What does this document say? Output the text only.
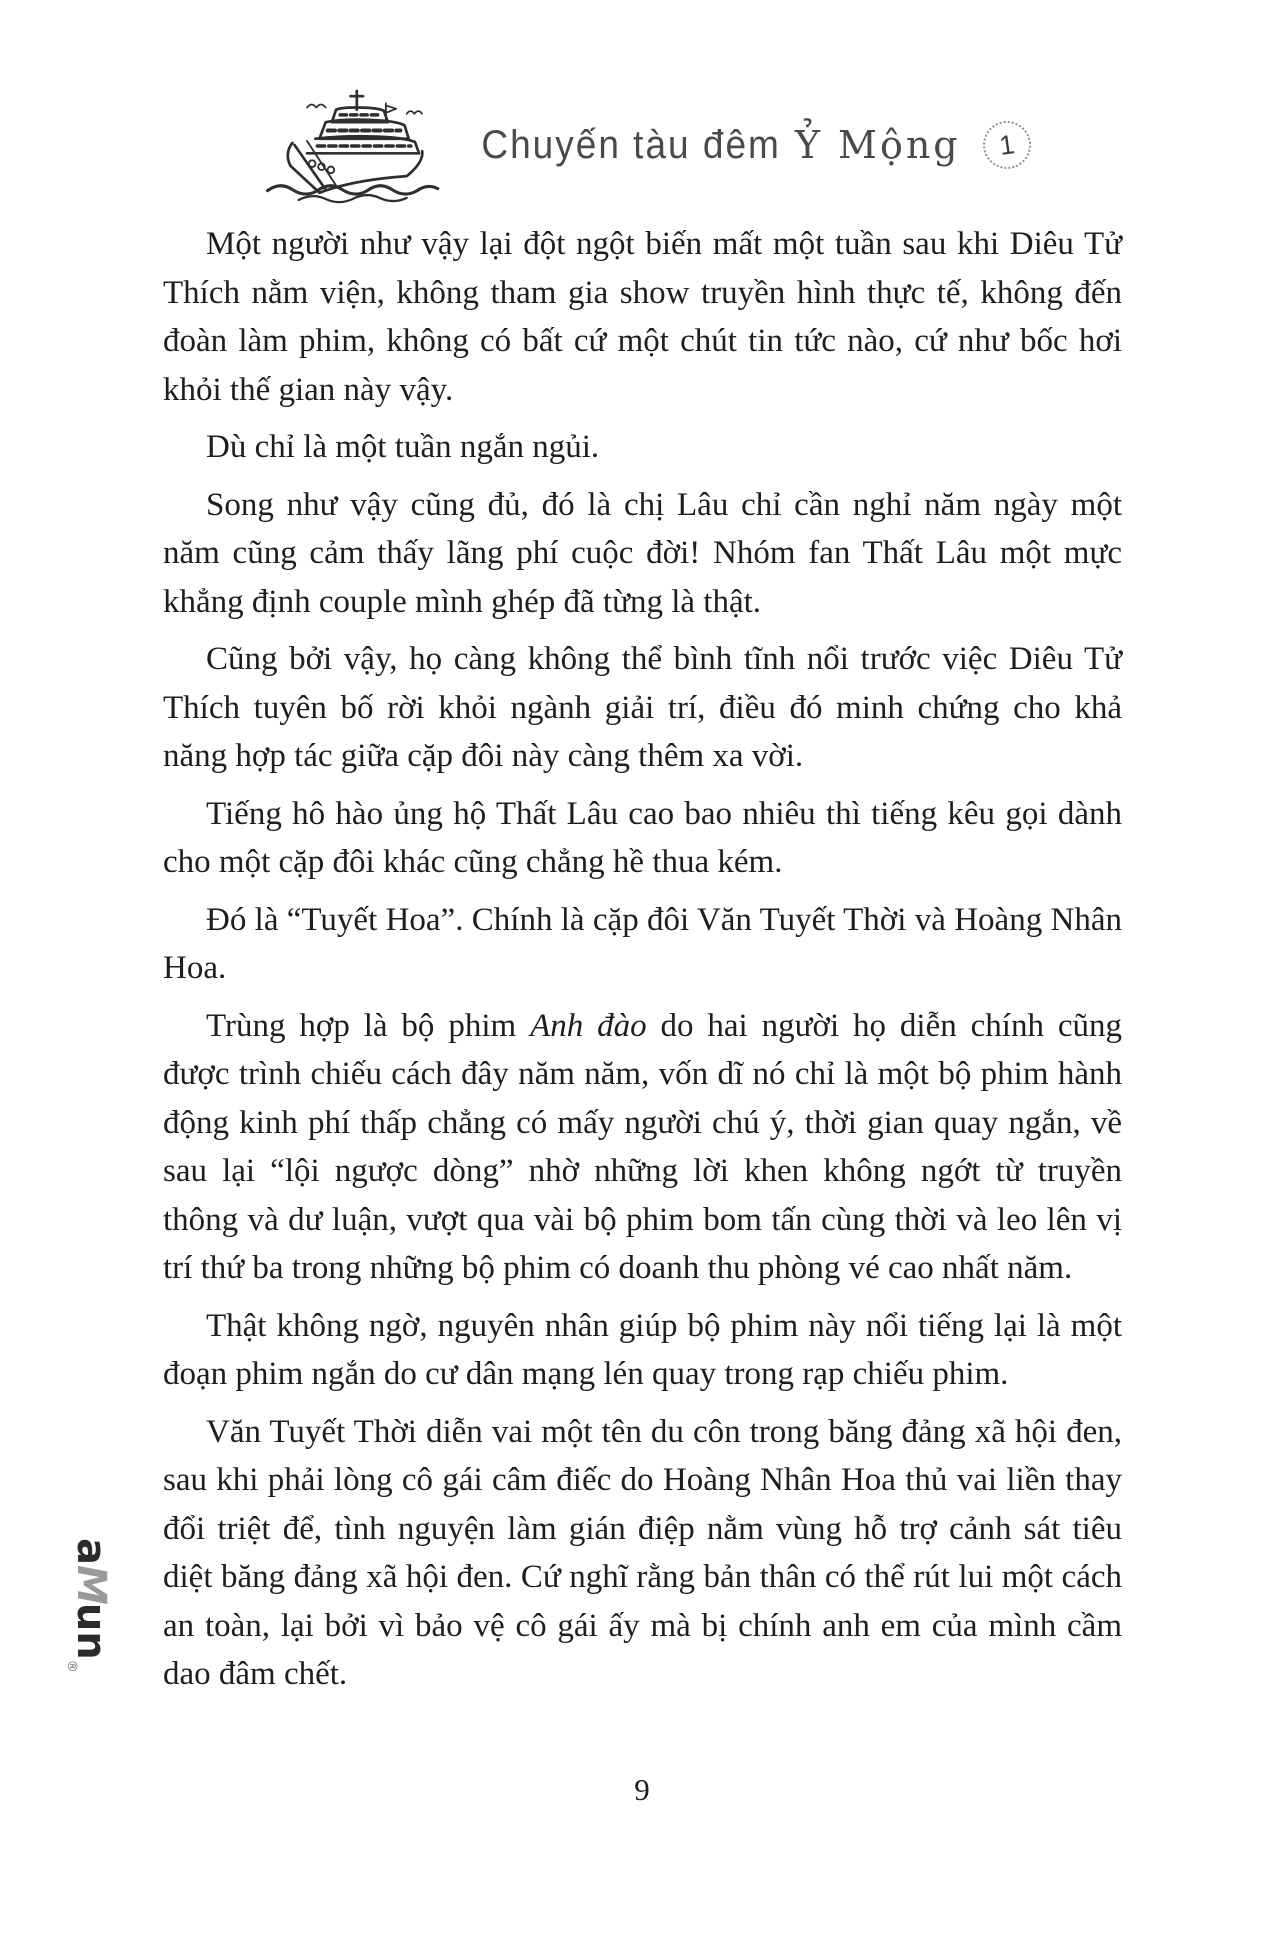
Chuyến tàu đêm Ỷ Mộng	1

Một người như vậy lại đột ngột biến mất một tuần sau khi Diêu Tử Thích nằm viện, không tham gia show truyền hình thực tế, không đến đoàn làm phim, không có bất cứ một chút tin tức nào, cứ như bốc hơi khỏi thế gian này vậy.

Dù chỉ là một tuần ngắn ngủi.

Song như vậy cũng đủ, đó là chị Lâu chỉ cần nghỉ năm ngày một năm cũng cảm thấy lãng phí cuộc đời! Nhóm fan Thất Lâu một mực khẳng định couple mình ghép đã từng là thật.

Cũng bởi vậy, họ càng không thể bình tĩnh nổi trước việc Diêu Tử Thích tuyên bố rời khỏi ngành giải trí, điều đó minh chứng cho khả năng hợp tác giữa cặp đôi này càng thêm xa vời.

Tiếng hô hào ủng hộ Thất Lâu cao bao nhiêu thì tiếng kêu gọi dành cho một cặp đôi khác cũng chẳng hề thua kém.

Đó là “Tuyết Hoa”. Chính là cặp đôi Văn Tuyết Thời và Hoàng Nhân Hoa.

Trùng hợp là bộ phim Anh đào do hai người họ diễn chính cũng được trình chiếu cách đây năm năm, vốn dĩ nó chỉ là một bộ phim hành động kinh phí thấp chẳng có mấy người chú ý, thời gian quay ngắn, về sau lại “lội ngược dòng” nhờ những lời khen không ngớt từ truyền thông và dư luận, vượt qua vài bộ phim bom tấn cùng thời và leo lên vị trí thứ ba trong những bộ phim có doanh thu phòng vé cao nhất năm.

Thật không ngờ, nguyên nhân giúp bộ phim này nổi tiếng lại là một đoạn phim ngắn do cư dân mạng lén quay trong rạp chiếu phim.

Văn Tuyết Thời diễn vai một tên du côn trong băng đảng xã hội đen, sau khi phải lòng cô gái câm điếc do Hoàng Nhân Hoa thủ vai liền thay đổi triệt để, tình nguyện làm gián điệp nằm vùng hỗ trợ cảnh sát tiêu diệt băng đảng xã hội đen. Cứ nghĩ rằng bản thân có thể rút lui một cách an toàn, lại bởi vì bảo vệ cô gái ấy mà bị chính anh em của mình cầm dao đâm chết.

aMun$_®$
9
